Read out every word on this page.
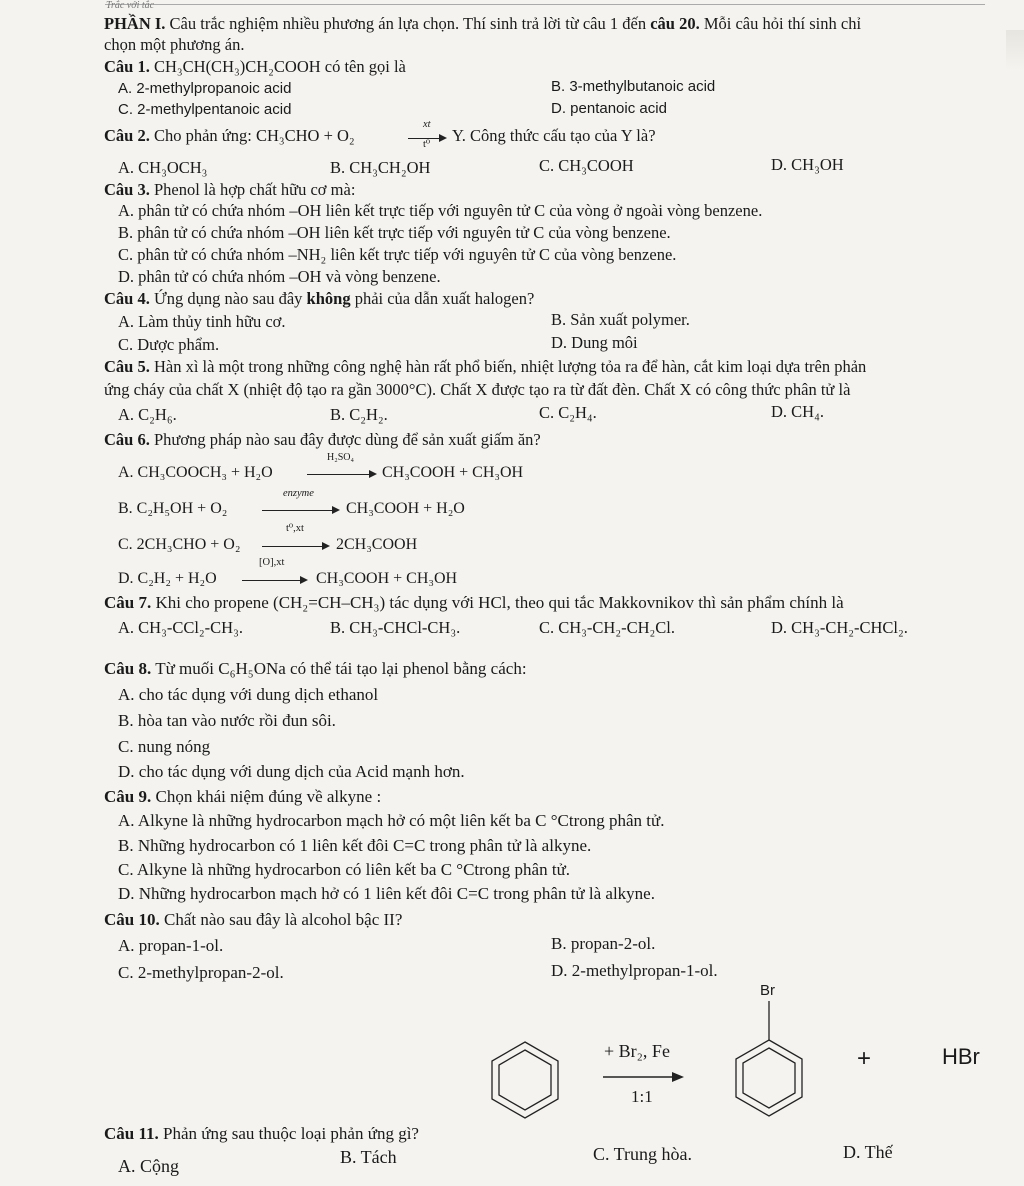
Trắc với tắc
PHẦN I. Câu trắc nghiệm nhiều phương án lựa chọn. Thí sinh trả lời từ câu 1 đến câu 20. Mỗi câu hỏi thí sinh chỉ
chọn một phương án.
Câu 1. CH₃CH(CH₃)CH₂COOH có tên gọi là
A. 2-methylpropanoic acid	B. 3-methylbutanoic acid
C. 2-methylpentanoic acid	D. pentanoic acid
Câu 2. Cho phản ứng: CH₃CHO + O₂
xt
t⁰ Y. Công thức cấu tạo của Y là?
A. CH₃OCH₃	B. CH₃CH₂OH	C. CH₃COOH	D. CH₃OH
Câu 3. Phenol là hợp chất hữu cơ mà:
A. phân tử có chứa nhóm –OH liên kết trực tiếp với nguyên tử C của vòng ở ngoài vòng benzene.
B. phân tử có chứa nhóm –OH liên kết trực tiếp với nguyên tử C của vòng benzene.
C. phân tử có chứa nhóm –NH₂ liên kết trực tiếp với nguyên tử C của vòng benzene.
D. phân tử có chứa nhóm –OH và vòng benzene.
Câu 4. Ứng dụng nào sau đây không phải của dẫn xuất halogen?
A. Làm thủy tinh hữu cơ.	B. Sản xuất polymer.
C. Dược phẩm.	D. Dung môi
Câu 5. Hàn xì là một trong những công nghệ hàn rất phổ biến, nhiệt lượng tỏa ra để hàn, cắt kim loại dựa trên phản
ứng cháy của chất X (nhiệt độ tạo ra gần 3000°C). Chất X được tạo ra từ đất đèn. Chất X có công thức phân tử là
A. C₂H₆.	B. C₂H₂.	C. C₂H₄.	D. CH₄.
Câu 6. Phương pháp nào sau đây được dùng để sản xuất giấm ăn?
A. CH₃COOCH₃ + H₂O
H₂SO₄
CH₃COOH + CH₃OH
B. C₂H₅OH + O₂
enzyme
CH₃COOH + H₂O
C. 2CH₃CHO + O₂
t⁰,xt
2CH₃COOH
D. C₂H₂ + H₂O
[O],xt
CH₃COOH + CH₃OH
Câu 7. Khi cho propene (CH₂=CH–CH₃) tác dụng với HCl, theo qui tắc Makkovnikov thì sản phẩm chính là
A. CH₃-CCl₂-CH₃.	B. CH₃-CHCl-CH₃.	C. CH₃-CH₂-CH₂Cl.	D. CH₃-CH₂-CHCl₂.
Câu 8. Từ muối C₆H₅ONa có thể tái tạo lại phenol bằng cách:
A. cho tác dụng với dung dịch ethanol
B. hòa tan vào nước rồi đun sôi.
C. nung nóng
D. cho tác dụng với dung dịch của Acid mạnh hơn.
Câu 9. Chọn khái niệm đúng về alkyne :
A. Alkyne là những hydrocarbon mạch hở có một liên kết ba C °Ctrong phân tử.
B. Những hydrocarbon có 1 liên kết đôi C=C trong phân tử là alkyne.
C. Alkyne là những hydrocarbon có liên kết ba C °Ctrong phân tử.
D. Những hydrocarbon mạch hở có 1 liên kết đôi C=C trong phân tử là alkyne.
Câu 10. Chất nào sau đây là alcohol bậc II?
A. propan-1-ol.	B. propan-2-ol.
C. 2-methylpropan-2-ol.	D. 2-methylpropan-1-ol.
Br
+ Br₂, Fe
1:1
+	HBr
Câu 11. Phản ứng sau thuộc loại phản ứng gì?
A. Cộng	B. Tách	C. Trung hòa.	D. Thế
